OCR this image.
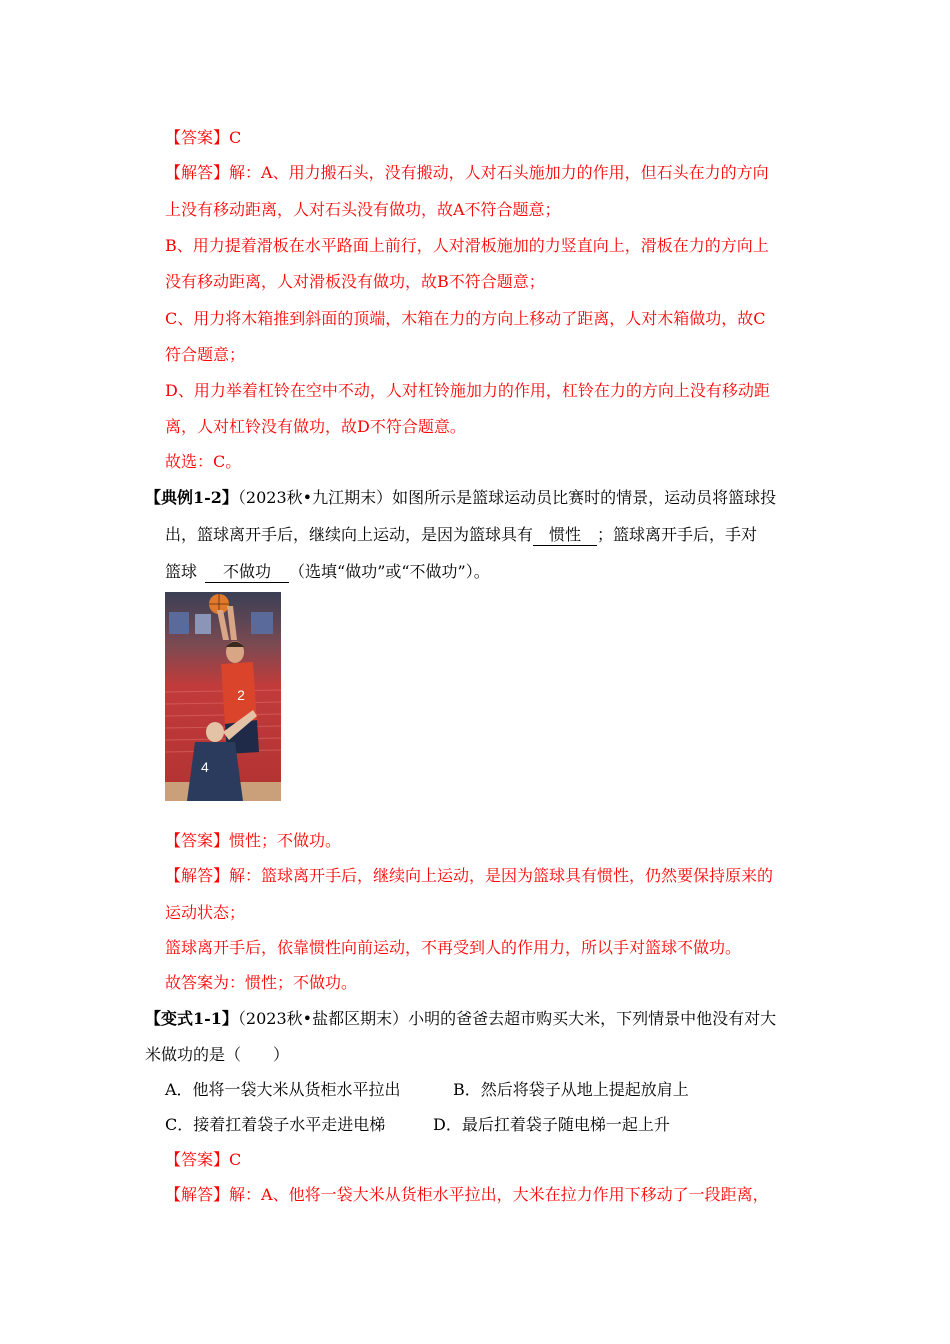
【答案】C
【解答】解：A、用力搬石头，没有搬动，人对石头施加力的作用，但石头在力的方向
上没有移动距离，人对石头没有做功，故A不符合题意；
B、用力提着滑板在水平路面上前行，人对滑板施加的力竖直向上，滑板在力的方向上
没有移动距离，人对滑板没有做功，故B不符合题意；
C、用力将木箱推到斜面的顶端，木箱在力的方向上移动了距离，人对木箱做功，故C
符合题意；
D、用力举着杠铃在空中不动，人对杠铃施加力的作用，杠铃在力的方向上没有移动距
离，人对杠铃没有做功，故D不符合题意。
故选：C。
【典例1-2】（2023秋•九江期末）如图所示是篮球运动员比赛时的情景，运动员将篮球投
出，篮球离开手后，继续向上运动，是因为篮球具有 惯性 ；篮球离开手后，手对
篮球 不做功 （选填“做功”或“不做功”）。
2
4
【答案】惯性；不做功。
【解答】解：篮球离开手后，继续向上运动，是因为篮球具有惯性，仍然要保持原来的
运动状态；
篮球离开手后，依靠惯性向前运动，不再受到人的作用力，所以手对篮球不做功。
故答案为：惯性；不做功。
【变式1-1】（2023秋•盐都区期末）小明的爸爸去超市购买大米，下列情景中他没有对大
米做功的是（　　）
A．他将一袋大米从货柜水平拉出	B．然后将袋子从地上提起放肩上
C．接着扛着袋子水平走进电梯	D．最后扛着袋子随电梯一起上升
【答案】C
【解答】解：A、他将一袋大米从货柜水平拉出，大米在拉力作用下移动了一段距离，
